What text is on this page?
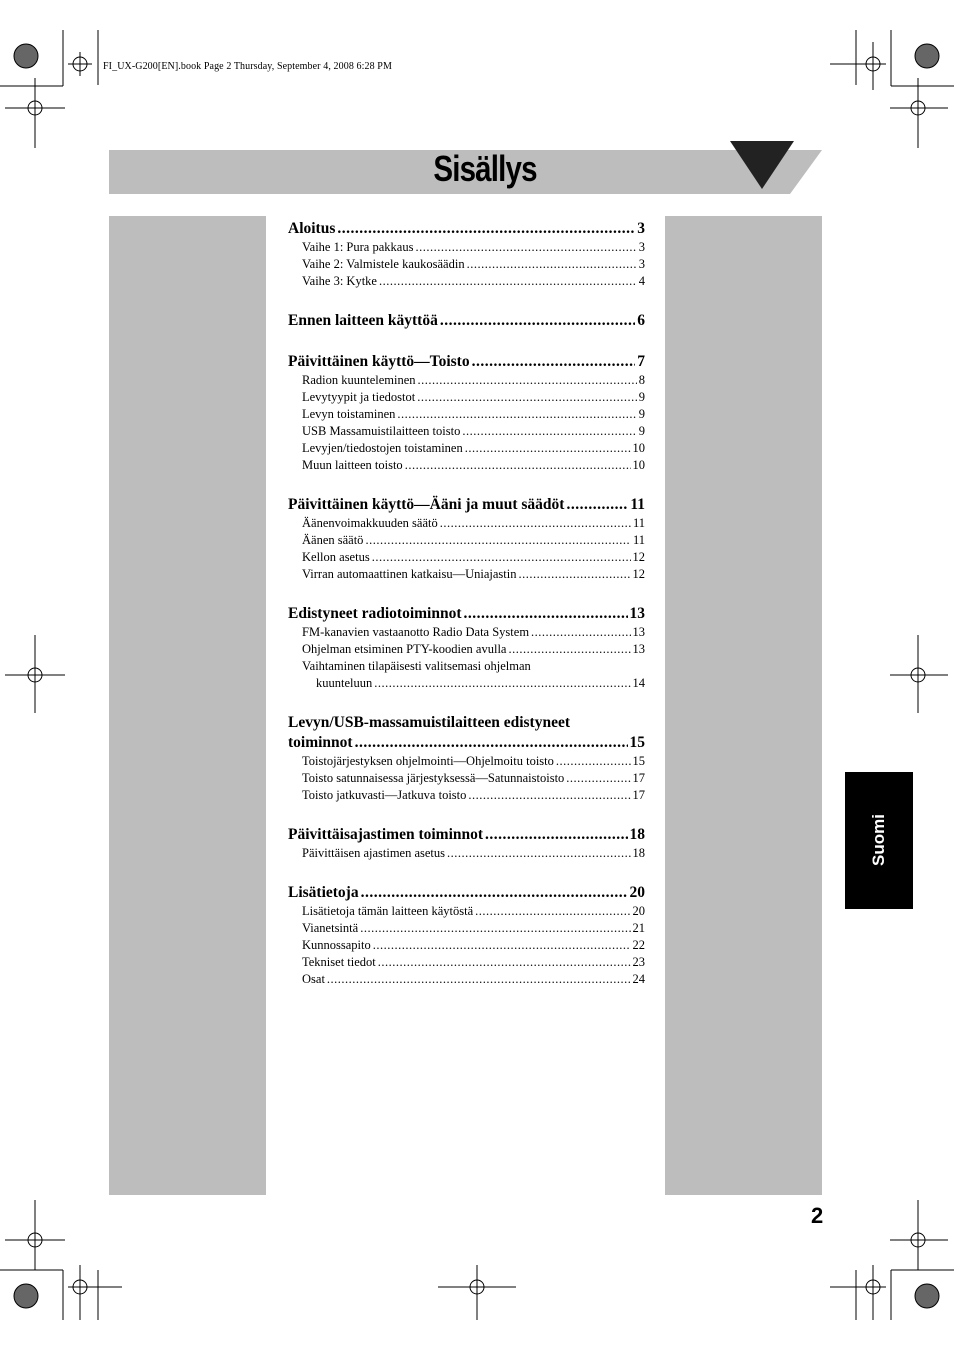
FI_UX-G200[EN].book Page 2 Thursday, September 4, 2008 6:28 PM
Sisällys
Aloitus .....	3
Vaihe 1: Pura pakkaus .....	3
Vaihe 2: Valmistele kaukosäädin .....	3
Vaihe 3: Kytke .....	4
Ennen laitteen käyttöä .....	6
Päivittäinen käyttö—Toisto .....	7
Radion kuunteleminen .....	8
Levytyypit ja tiedostot .....	9
Levyn toistaminen .....	9
USB Massamuistilaitteen toisto .....	9
Levyjen/tiedostojen toistaminen .....	10
Muun laitteen toisto .....	10
Päivittäinen käyttö—Ääni ja muut säädöt .....	11
Äänenvoimakkuuden säätö .....	11
Äänen säätö .....	11
Kellon asetus .....	12
Virran automaattinen katkaisu—Uniajastin .....	12
Edistyneet radiotoiminnot .....	13
FM-kanavien vastaanotto Radio Data System .....	13
Ohjelman etsiminen PTY-koodien avulla .....	13
Vaihtaminen tilapäisesti valitsemasi ohjelman
kuunteluun .....	14
Levyn/USB-massamuistilaitteen edistyneet
toiminnot .....	15
Toistojärjestyksen ohjelmointi—Ohjelmoitu toisto .....	15
Toisto satunnaisessa järjestyksessä—Satunnaistoisto .....	17
Toisto jatkuvasti—Jatkuva toisto .....	17
Päivittäisajastimen toiminnot .....	18
Päivittäisen ajastimen asetus .....	18
Lisätietoja .....	20
Lisätietoja tämän laitteen käytöstä .....	20
Vianetsintä .....	21
Kunnossapito .....	22
Tekniset tiedot .....	23
Osat .....	24
Suomi
2
